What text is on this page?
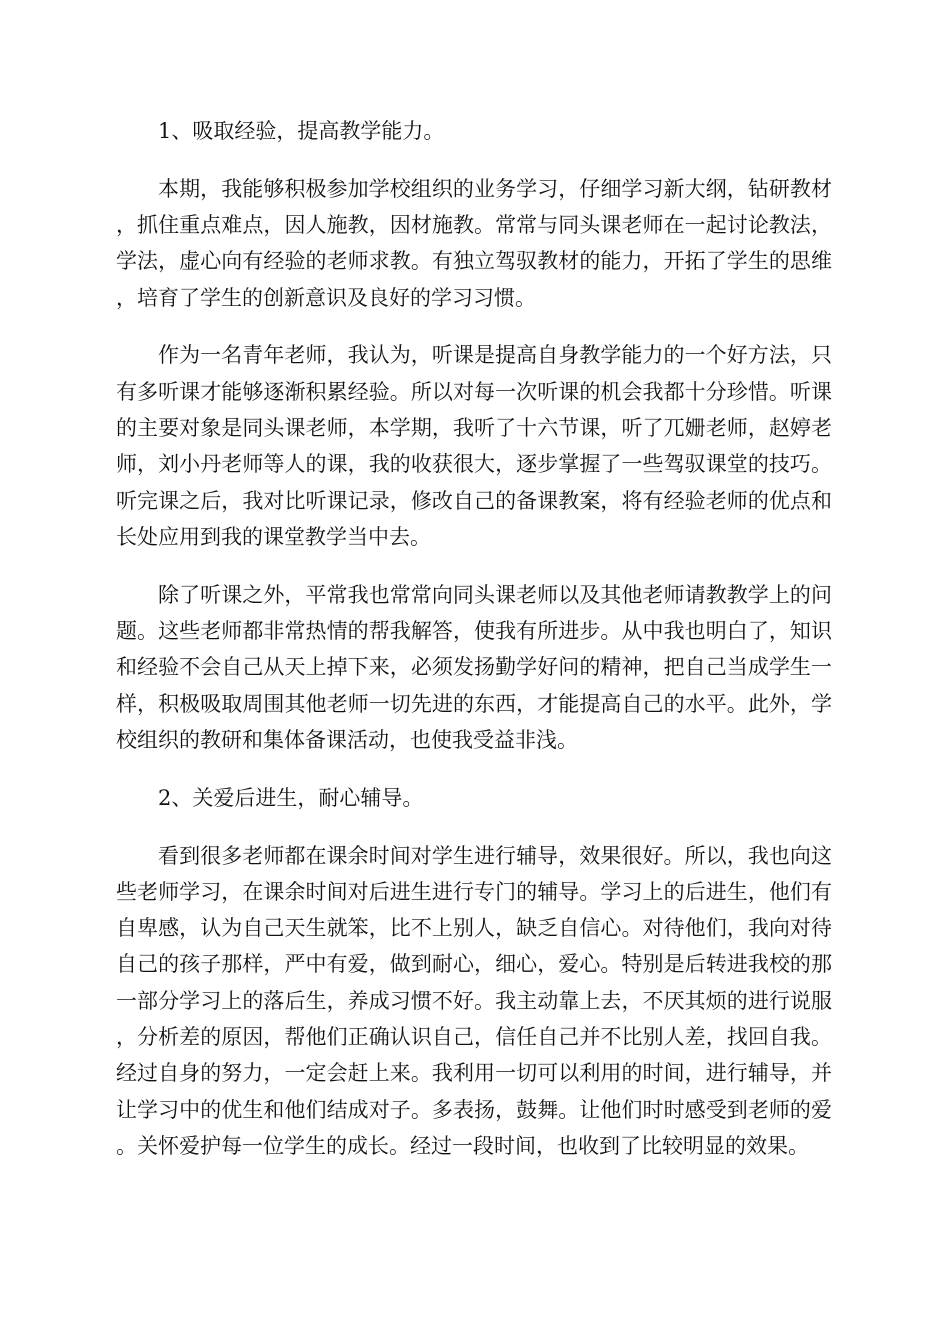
1、吸取经验，提高教学能力。

本期，我能够积极参加学校组织的业务学习，仔细学习新大纲，钻研教材，抓住重点难点，因人施教，因材施教。常常与同头课老师在一起讨论教法，学法，虚心向有经验的老师求教。有独立驾驭教材的能力，开拓了学生的思维，培育了学生的创新意识及良好的学习习惯。

作为一名青年老师，我认为，听课是提高自身教学能力的一个好方法，只有多听课才能够逐渐积累经验。所以对每一次听课的机会我都十分珍惜。听课的主要对象是同头课老师，本学期，我听了十六节课，听了兀姗老师，赵婷老师，刘小丹老师等人的课，我的收获很大，逐步掌握了一些驾驭课堂的技巧。听完课之后，我对比听课记录，修改自己的备课教案，将有经验老师的优点和长处应用到我的课堂教学当中去。

除了听课之外，平常我也常常向同头课老师以及其他老师请教教学上的问题。这些老师都非常热情的帮我解答，使我有所进步。从中我也明白了，知识和经验不会自己从天上掉下来，必须发扬勤学好问的精神，把自己当成学生一样，积极吸取周围其他老师一切先进的东西，才能提高自己的水平。此外，学校组织的教研和集体备课活动，也使我受益非浅。

2、关爱后进生，耐心辅导。

看到很多老师都在课余时间对学生进行辅导，效果很好。所以，我也向这些老师学习，在课余时间对后进生进行专门的辅导。学习上的后进生，他们有自卑感，认为自己天生就笨，比不上别人，缺乏自信心。对待他们，我向对待自己的孩子那样，严中有爱，做到耐心，细心，爱心。特别是后转进我校的那一部分学习上的落后生，养成习惯不好。我主动靠上去，不厌其烦的进行说服，分析差的原因，帮他们正确认识自己，信任自己并不比别人差，找回自我。经过自身的努力，一定会赶上来。我利用一切可以利用的时间，进行辅导，并让学习中的优生和他们结成对子。多表扬，鼓舞。让他们时时感受到老师的爱。关怀爱护每一位学生的成长。经过一段时间，也收到了比较明显的效果。
